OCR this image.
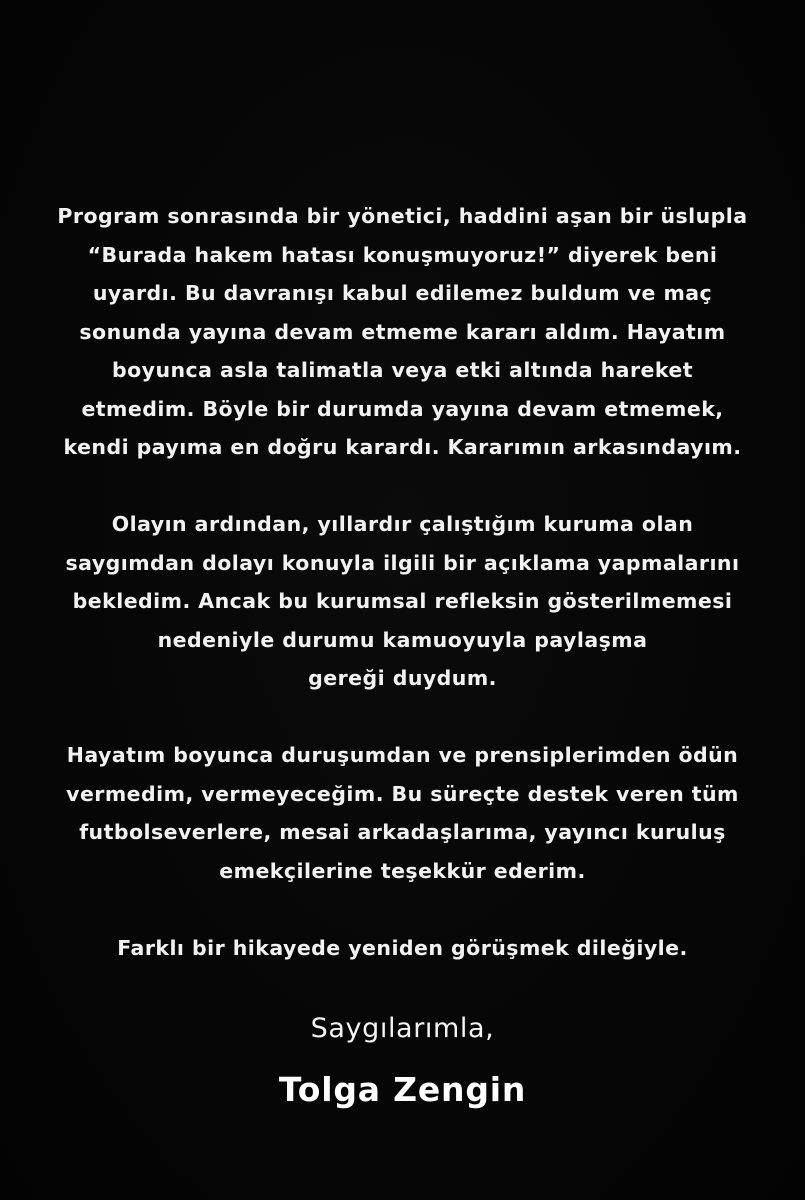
Program sonrasında bir yönetici, haddini aşan bir üslupla
“Burada hakem hatası konuşmuyoruz!” diyerek beni
uyardı. Bu davranışı kabul edilemez buldum ve maç
sonunda yayına devam etmeme kararı aldım. Hayatım
boyunca asla talimatla veya etki altında hareket
etmedim. Böyle bir durumda yayına devam etmemek,
kendi payıma en doğru karardı. Kararımın arkasındayım.

Olayın ardından, yıllardır çalıştığım kuruma olan
saygımdan dolayı konuyla ilgili bir açıklama yapmalarını
bekledim. Ancak bu kurumsal refleksin gösterilmemesi
nedeniyle durumu kamuoyuyla paylaşma
gereği duydum.

Hayatım boyunca duruşumdan ve prensiplerimden ödün
vermedim, vermeyeceğim. Bu süreçte destek veren tüm
futbolseverlere, mesai arkadaşlarıma, yayıncı kuruluş
emekçilerine teşekkür ederim.

Farklı bir hikayede yeniden görüşmek dileğiyle.

Saygılarımla,
Tolga Zengin
